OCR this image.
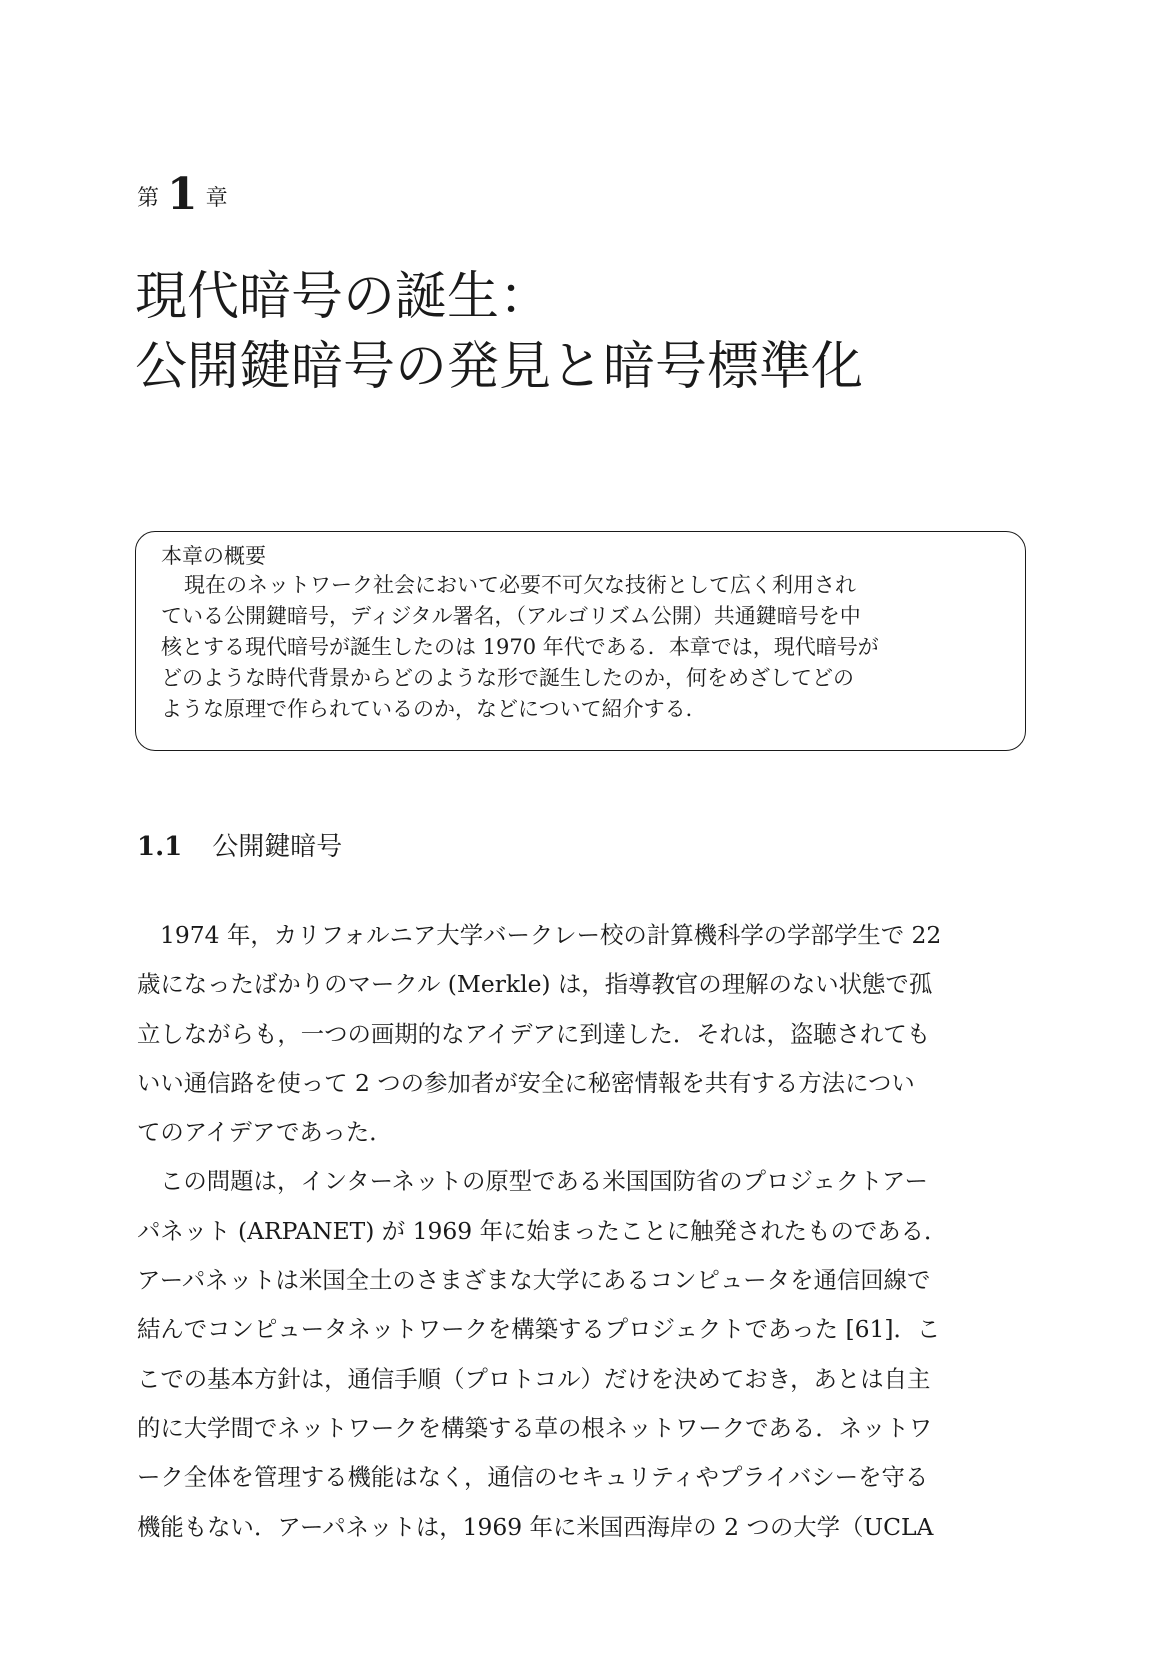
第 1 章
現代暗号の誕生：
公開鍵暗号の発見と暗号標準化
本章の概要
現在のネットワーク社会において必要不可欠な技術として広く利用され
ている公開鍵暗号，ディジタル署名，（アルゴリズム公開）共通鍵暗号を中
核とする現代暗号が誕生したのは 1970 年代である．本章では，現代暗号が
どのような時代背景からどのような形で誕生したのか，何をめざしてどの
ような原理で作られているのか，などについて紹介する．
1.1 公開鍵暗号
1974 年，カリフォルニア大学バークレー校の計算機科学の学部学生で 22
歳になったばかりのマークル (Merkle) は，指導教官の理解のない状態で孤
立しながらも，一つの画期的なアイデアに到達した．それは，盗聴されても
いい通信路を使って 2 つの参加者が安全に秘密情報を共有する方法につい
てのアイデアであった．
この問題は，インターネットの原型である米国国防省のプロジェクトアー
パネット (ARPANET) が 1969 年に始まったことに触発されたものである．
アーパネットは米国全土のさまざまな大学にあるコンピュータを通信回線で
結んでコンピュータネットワークを構築するプロジェクトであった [61]．こ
こでの基本方針は，通信手順（プロトコル）だけを決めておき，あとは自主
的に大学間でネットワークを構築する草の根ネットワークである．ネットワ
ーク全体を管理する機能はなく，通信のセキュリティやプライバシーを守る
機能もない．アーパネットは，1969 年に米国西海岸の 2 つの大学（UCLA
